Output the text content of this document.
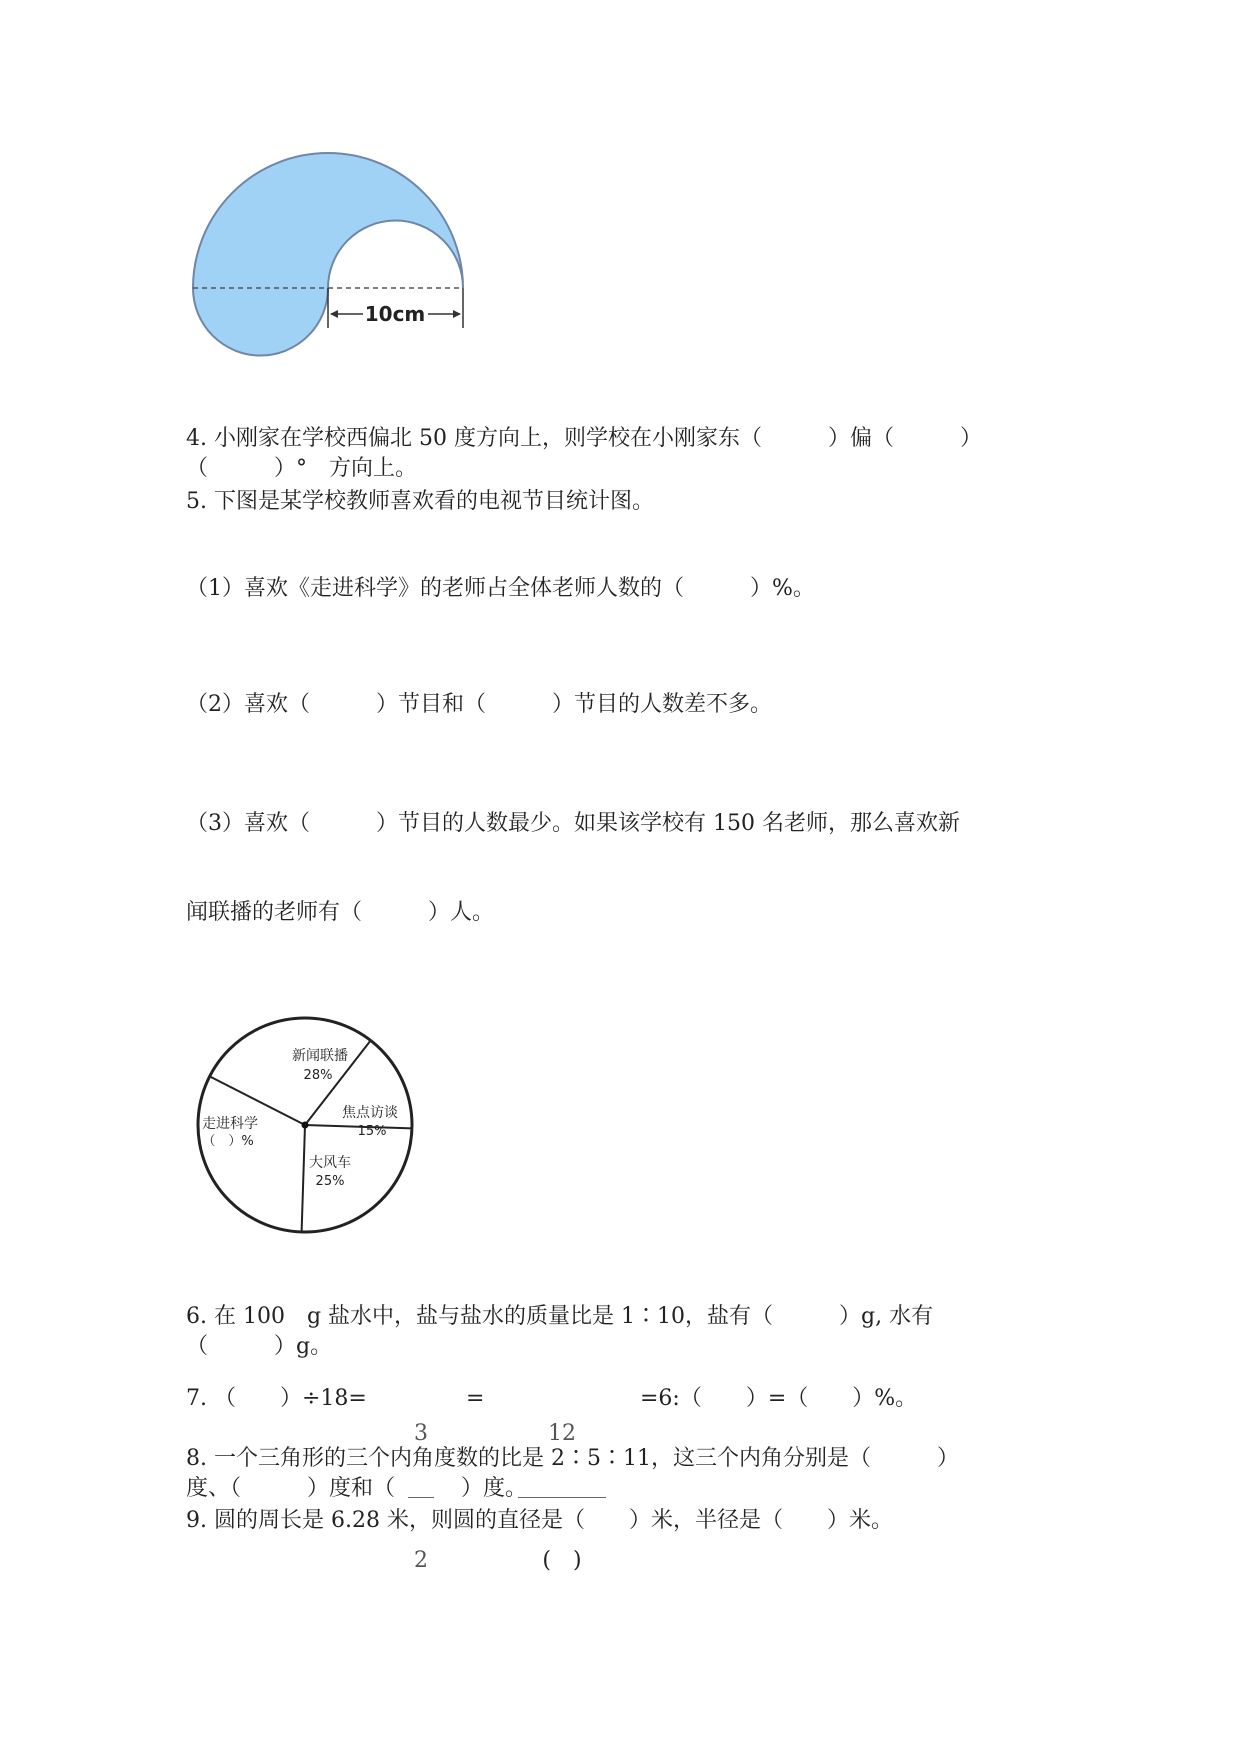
10cm
4. 小刚家在学校西偏北 50 度方向上，则学校在小刚家东（　　　）偏（　　　）
（　　　）°　方向上。
5. 下图是某学校教师喜欢看的电视节目统计图。
（1）喜欢《走进科学》的老师占全体老师人数的（　　　）%。
（2）喜欢（　　　）节目和（　　　）节目的人数差不多。
（3）喜欢（　　　）节目的人数最少。如果该学校有 150 名老师，那么喜欢新
闻联播的老师有（　　　）人。
新闻联播
28%
焦点访谈
15%
大风车
25%
走进科学
（　）%
6. 在 100　g 盐水中，盐与盐水的质量比是 1∶10，盐有（　　　）g, 水有
（　　　）g。
7. （　　）÷18=

3

2

=

12

(　)

=6:（　　）=（　　）%。
8. 一个三角形的三个内角度数的比是 2∶5∶11，这三个内角分别是（　　　）
度、（　　　）度和（　　　）度。
9. 圆的周长是 6.28 米，则圆的直径是（　　）米，半径是（　　）米。
